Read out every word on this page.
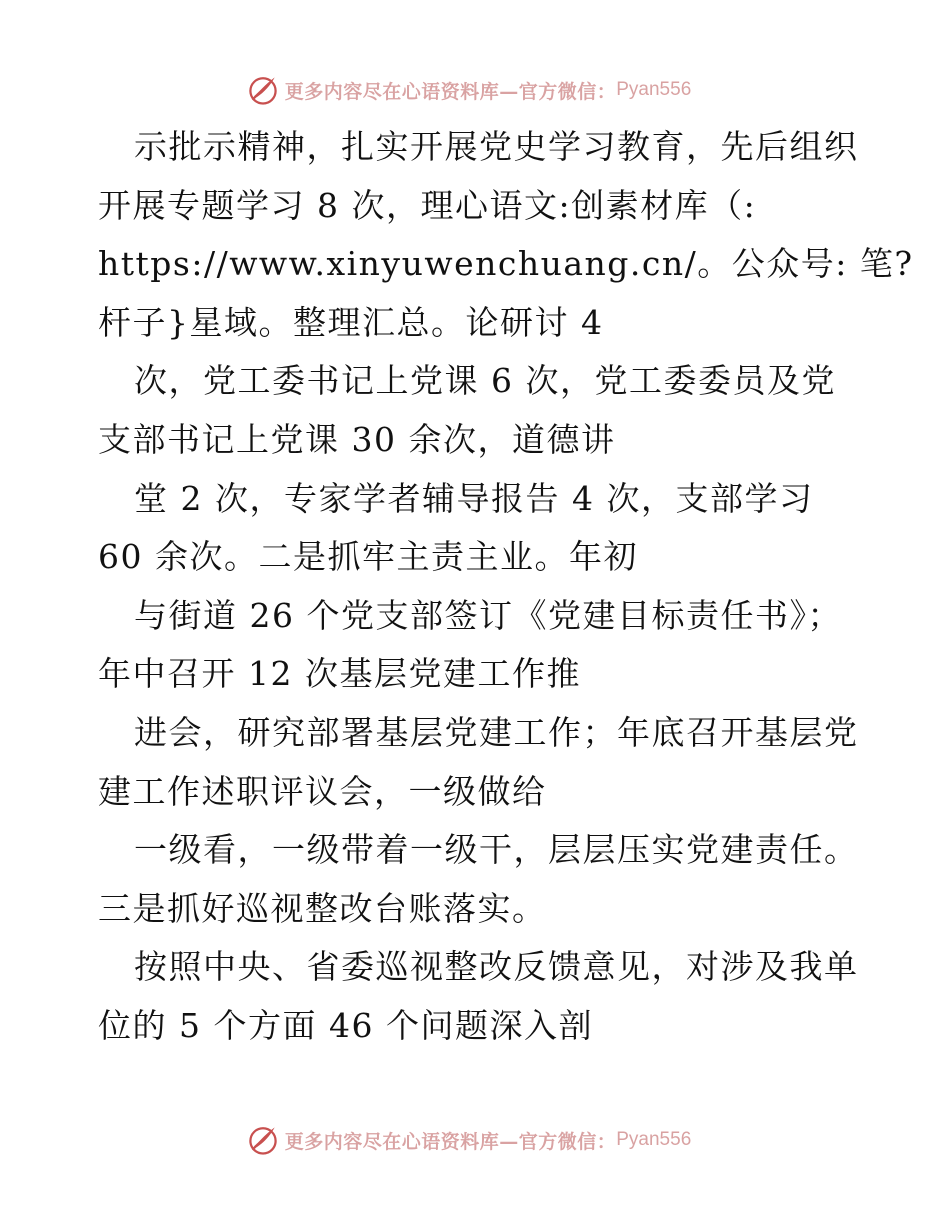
更多内容尽在心语资料库—官方微信： Pyan556
示批示精神，扎实开展党史学习教育，先后组织
开展专题学习 8 次，理心语文:创素材库（:
https://www.xinyuwenchuang.cn/。公众号: 笔?
杆子}星域。整理汇总。论研讨 4
次，党工委书记上党课 6 次，党工委委员及党
支部书记上党课 30 余次，道德讲
堂 2 次，专家学者辅导报告 4 次，支部学习
60 余次。二是抓牢主责主业。年初
与街道 26 个党支部签订《党建目标责任书》；
年中召开 12 次基层党建工作推
进会，研究部署基层党建工作；年底召开基层党
建工作述职评议会，一级做给
一级看，一级带着一级干，层层压实党建责任。
三是抓好巡视整改台账落实。
按照中央、省委巡视整改反馈意见，对涉及我单
位的 5 个方面 46 个问题深入剖
更多内容尽在心语资料库—官方微信： Pyan556
